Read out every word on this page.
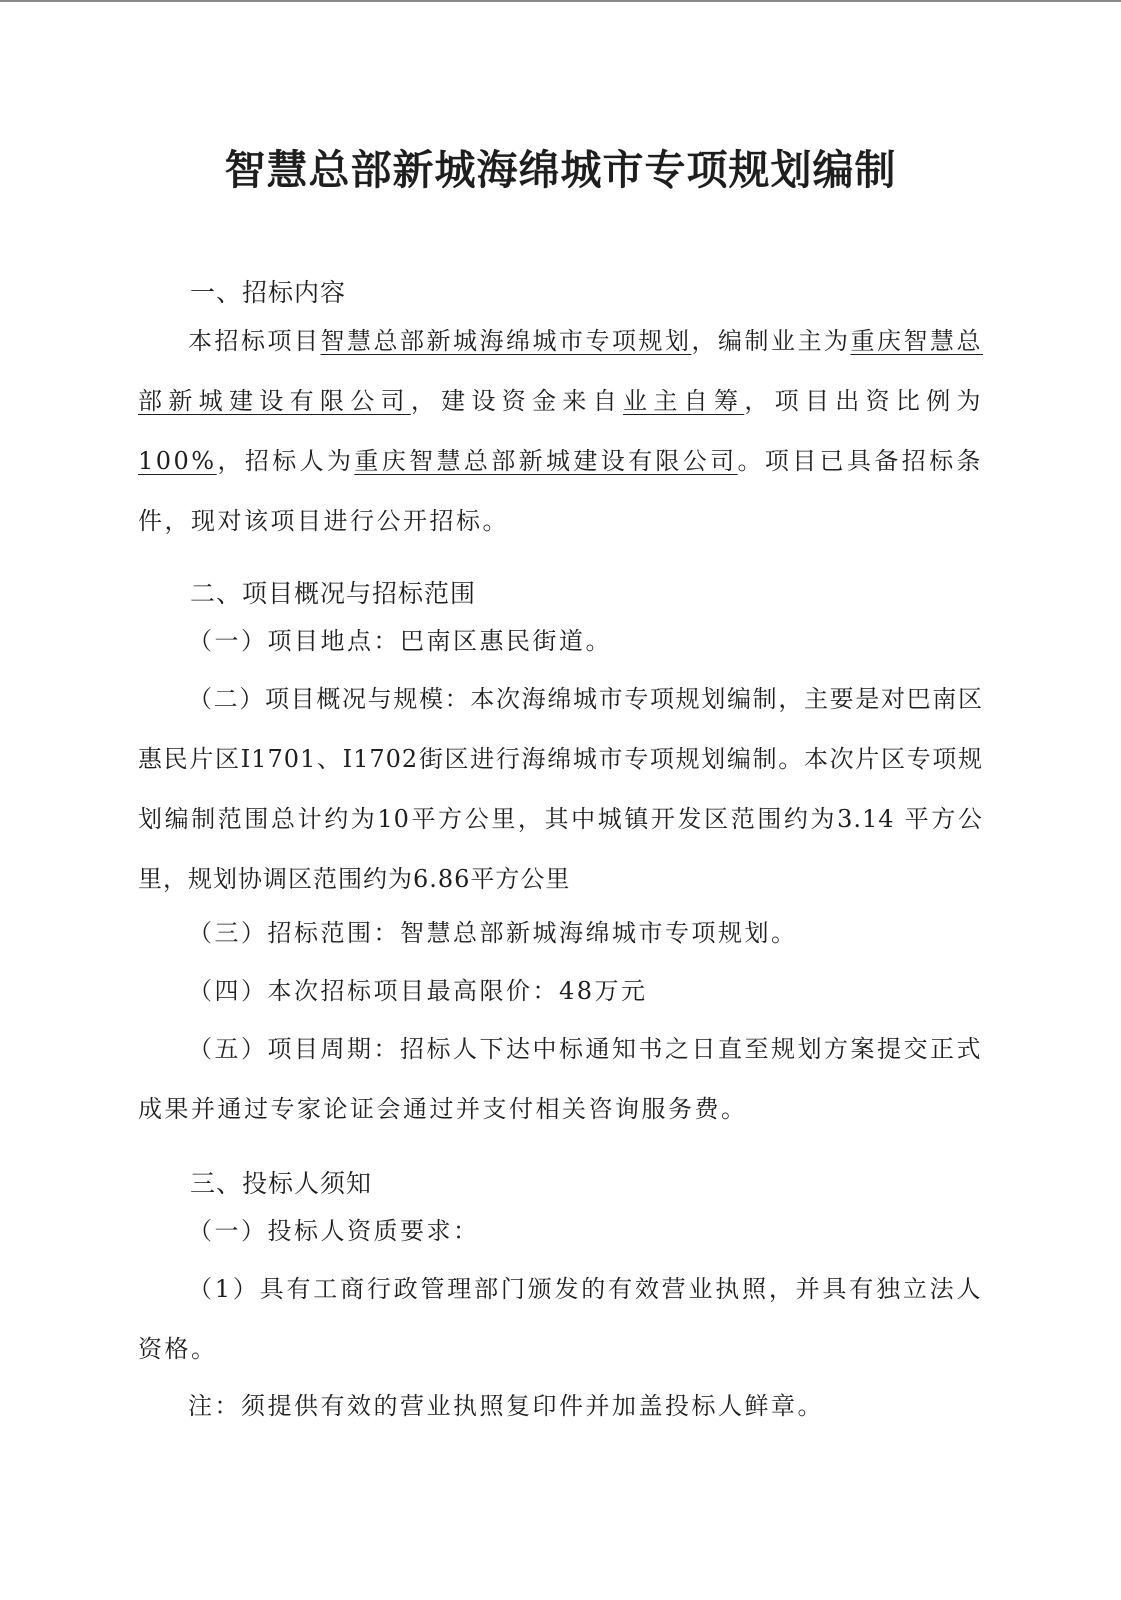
智慧总部新城海绵城市专项规划编制
一、招标内容

本招标项目智慧总部新城海绵城市专项规划，编制业主为重庆智慧总部新城建设有限公司，建设资金来自业主自筹，项目出资比例为100%，招标人为重庆智慧总部新城建设有限公司。项目已具备招标条件，现对该项目进行公开招标。

二、项目概况与招标范围

（一）项目地点：巴南区惠民街道。

（二）项目概况与规模：本次海绵城市专项规划编制，主要是对巴南区惠民片区I1701、I1702街区进行海绵城市专项规划编制。本次片区专项规划编制范围总计约为10平方公里，其中城镇开发区范围约为3.14 平方公里，规划协调区范围约为6.86平方公里

（三）招标范围：智慧总部新城海绵城市专项规划。

（四）本次招标项目最高限价：48万元

（五）项目周期：招标人下达中标通知书之日直至规划方案提交正式成果并通过专家论证会通过并支付相关咨询服务费。

三、投标人须知

（一）投标人资质要求：

（1）具有工商行政管理部门颁发的有效营业执照，并具有独立法人资格。

注：须提供有效的营业执照复印件并加盖投标人鲜章。
